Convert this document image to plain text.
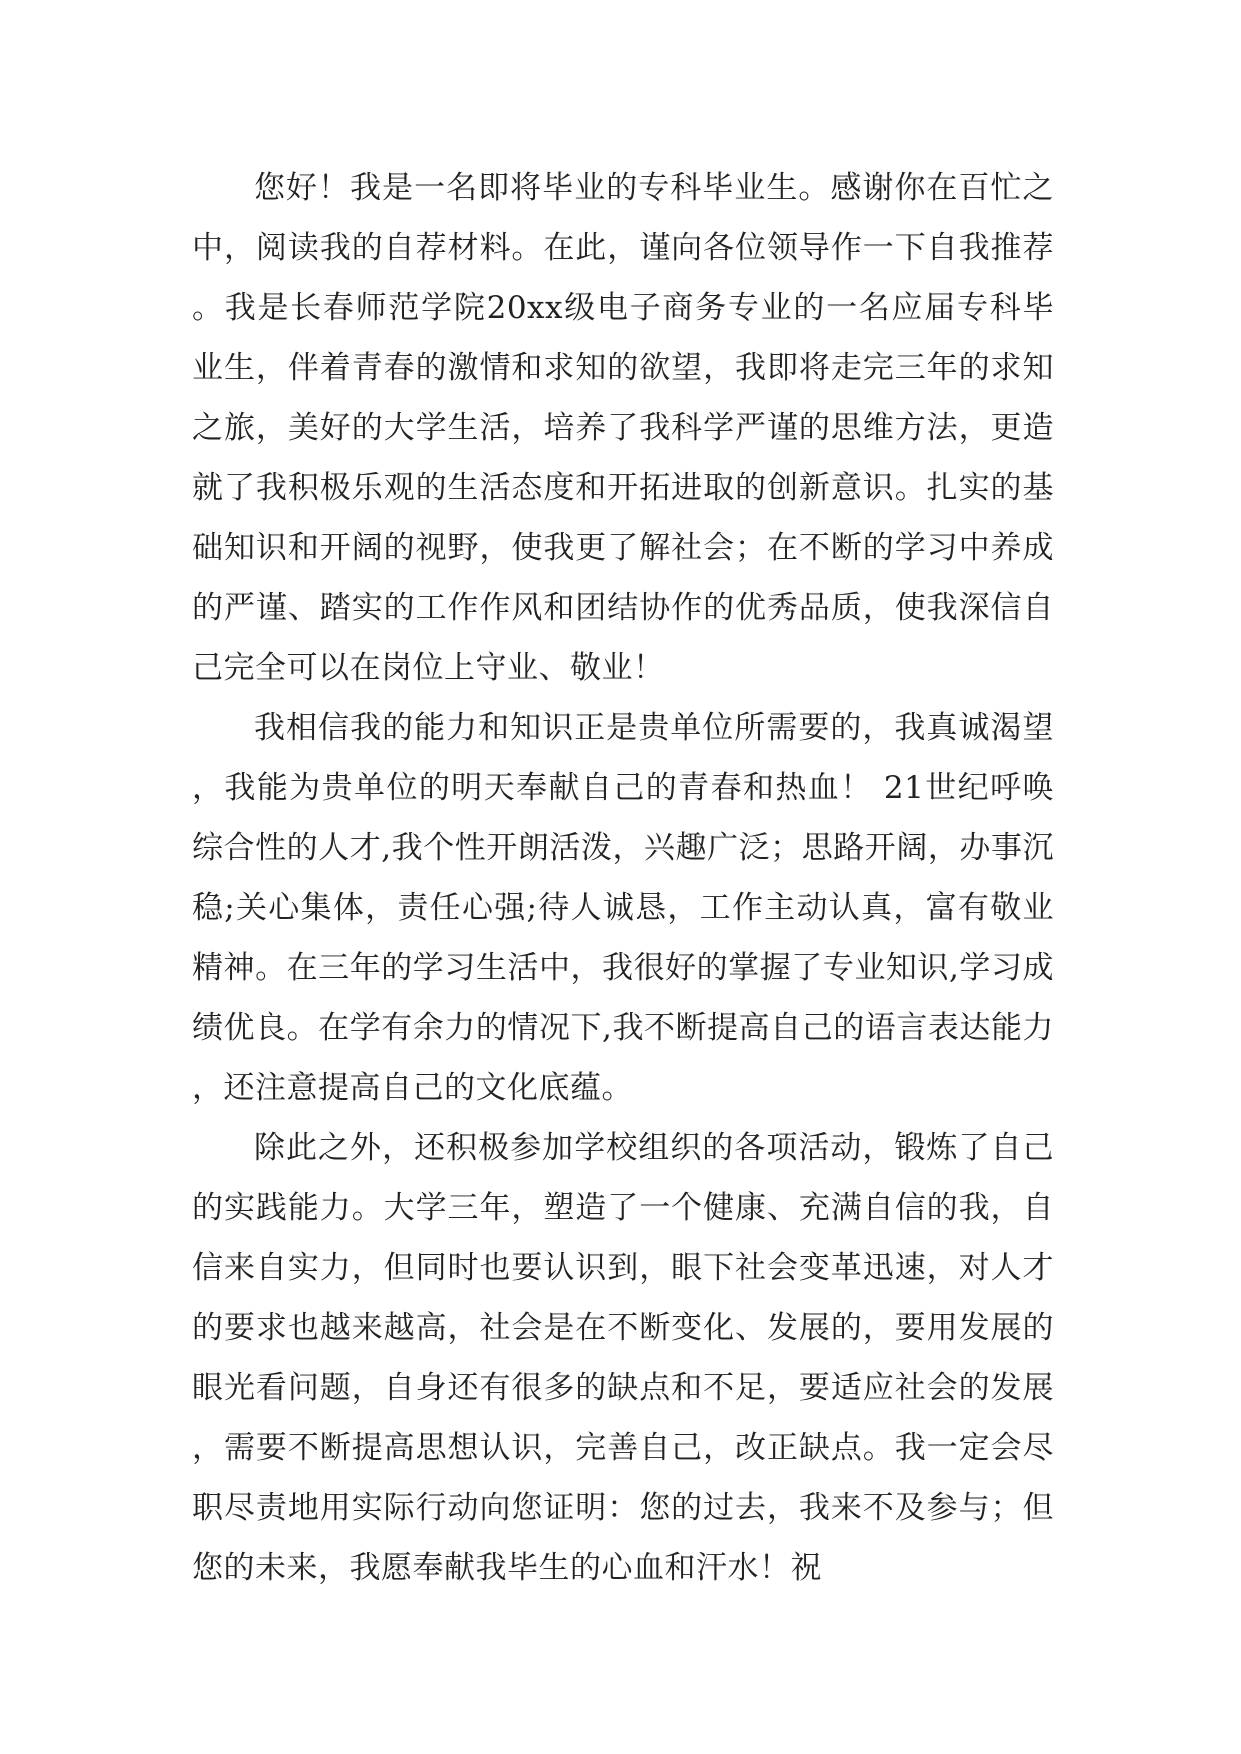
您好！我是一名即将毕业的专科毕业生。感谢你在百忙之中，阅读我的自荐材料。在此，谨向各位领导作一下自我推荐。我是长春师范学院20xx级电子商务专业的一名应届专科毕业生，伴着青春的激情和求知的欲望，我即将走完三年的求知之旅，美好的大学生活，培养了我科学严谨的思维方法，更造就了我积极乐观的生活态度和开拓进取的创新意识。扎实的基础知识和开阔的视野，使我更了解社会；在不断的学习中养成的严谨、踏实的工作作风和团结协作的优秀品质，使我深信自己完全可以在岗位上守业、敬业！

我相信我的能力和知识正是贵单位所需要的，我真诚渴望，我能为贵单位的明天奉献自己的青春和热血！ 21世纪呼唤综合性的人才,我个性开朗活泼，兴趣广泛；思路开阔，办事沉稳;关心集体，责任心强;待人诚恳，工作主动认真，富有敬业精神。在三年的学习生活中，我很好的掌握了专业知识,学习成绩优良。在学有余力的情况下,我不断提高自己的语言表达能力，还注意提高自己的文化底蕴。

除此之外，还积极参加学校组织的各项活动，锻炼了自己的实践能力。大学三年，塑造了一个健康、充满自信的我，自信来自实力，但同时也要认识到，眼下社会变革迅速，对人才的要求也越来越高，社会是在不断变化、发展的，要用发展的眼光看问题，自身还有很多的缺点和不足，要适应社会的发展，需要不断提高思想认识，完善自己，改正缺点。我一定会尽职尽责地用实际行动向您证明：您的过去，我来不及参与；但您的未来，我愿奉献我毕生的心血和汗水！祝
